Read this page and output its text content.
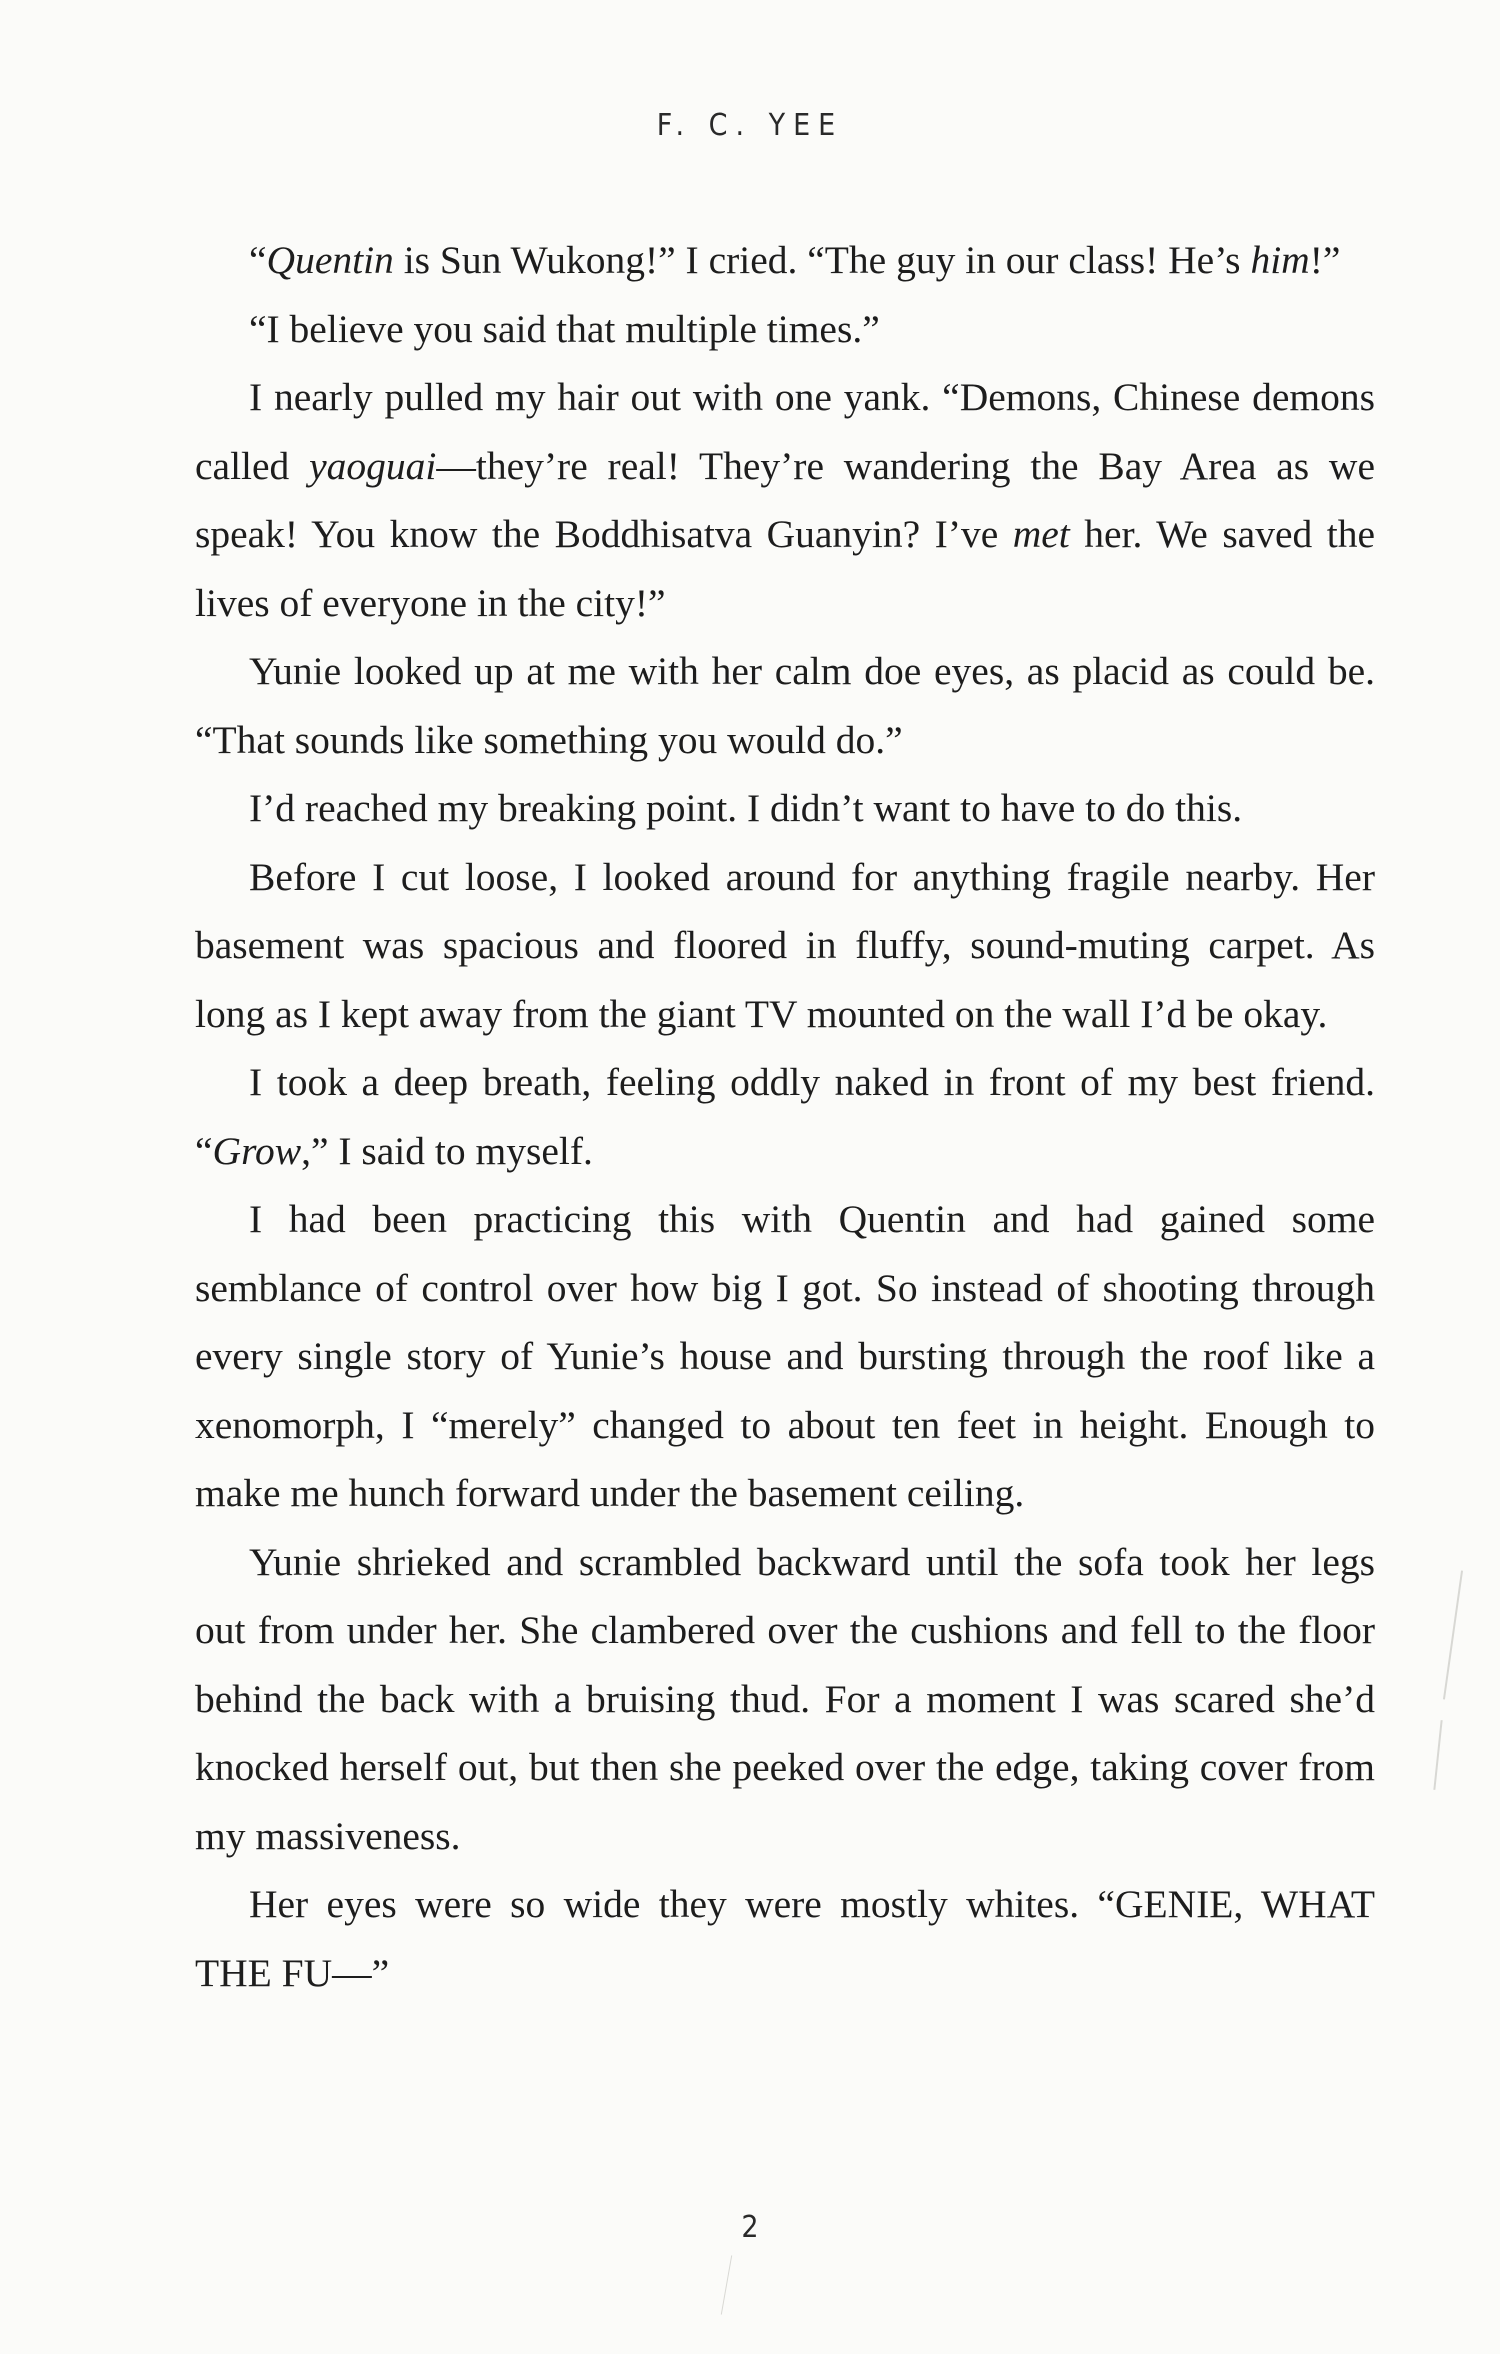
F. C. YEE

“Quentin is Sun Wukong!” I cried. “The guy in our class! He’s him!”

“I believe you said that multiple times.”

I nearly pulled my hair out with one yank. “Demons, Chinese demons called yaoguai—they’re real! They’re wandering the Bay Area as we speak! You know the Boddhisatva Guanyin? I’ve met her. We saved the lives of everyone in the city!”

Yunie looked up at me with her calm doe eyes, as placid as could be. “That sounds like something you would do.”

I’d reached my breaking point. I didn’t want to have to do this.

Before I cut loose, I looked around for anything fragile nearby. Her basement was spacious and floored in fluffy, sound-muting carpet. As long as I kept away from the giant TV mounted on the wall I’d be okay.

I took a deep breath, feeling oddly naked in front of my best friend. “Grow,” I said to myself.

I had been practicing this with Quentin and had gained some semblance of control over how big I got. So instead of shooting through every single story of Yunie’s house and bursting through the roof like a xenomorph, I “merely” changed to about ten feet in height. Enough to make me hunch forward under the basement ceiling.

Yunie shrieked and scrambled backward until the sofa took her legs out from under her. She clambered over the cushions and fell to the floor behind the back with a bruising thud. For a moment I was scared she’d knocked herself out, but then she peeked over the edge, taking cover from my massiveness.

Her eyes were so wide they were mostly whites. “GENIE, WHAT THE FU—”

2
